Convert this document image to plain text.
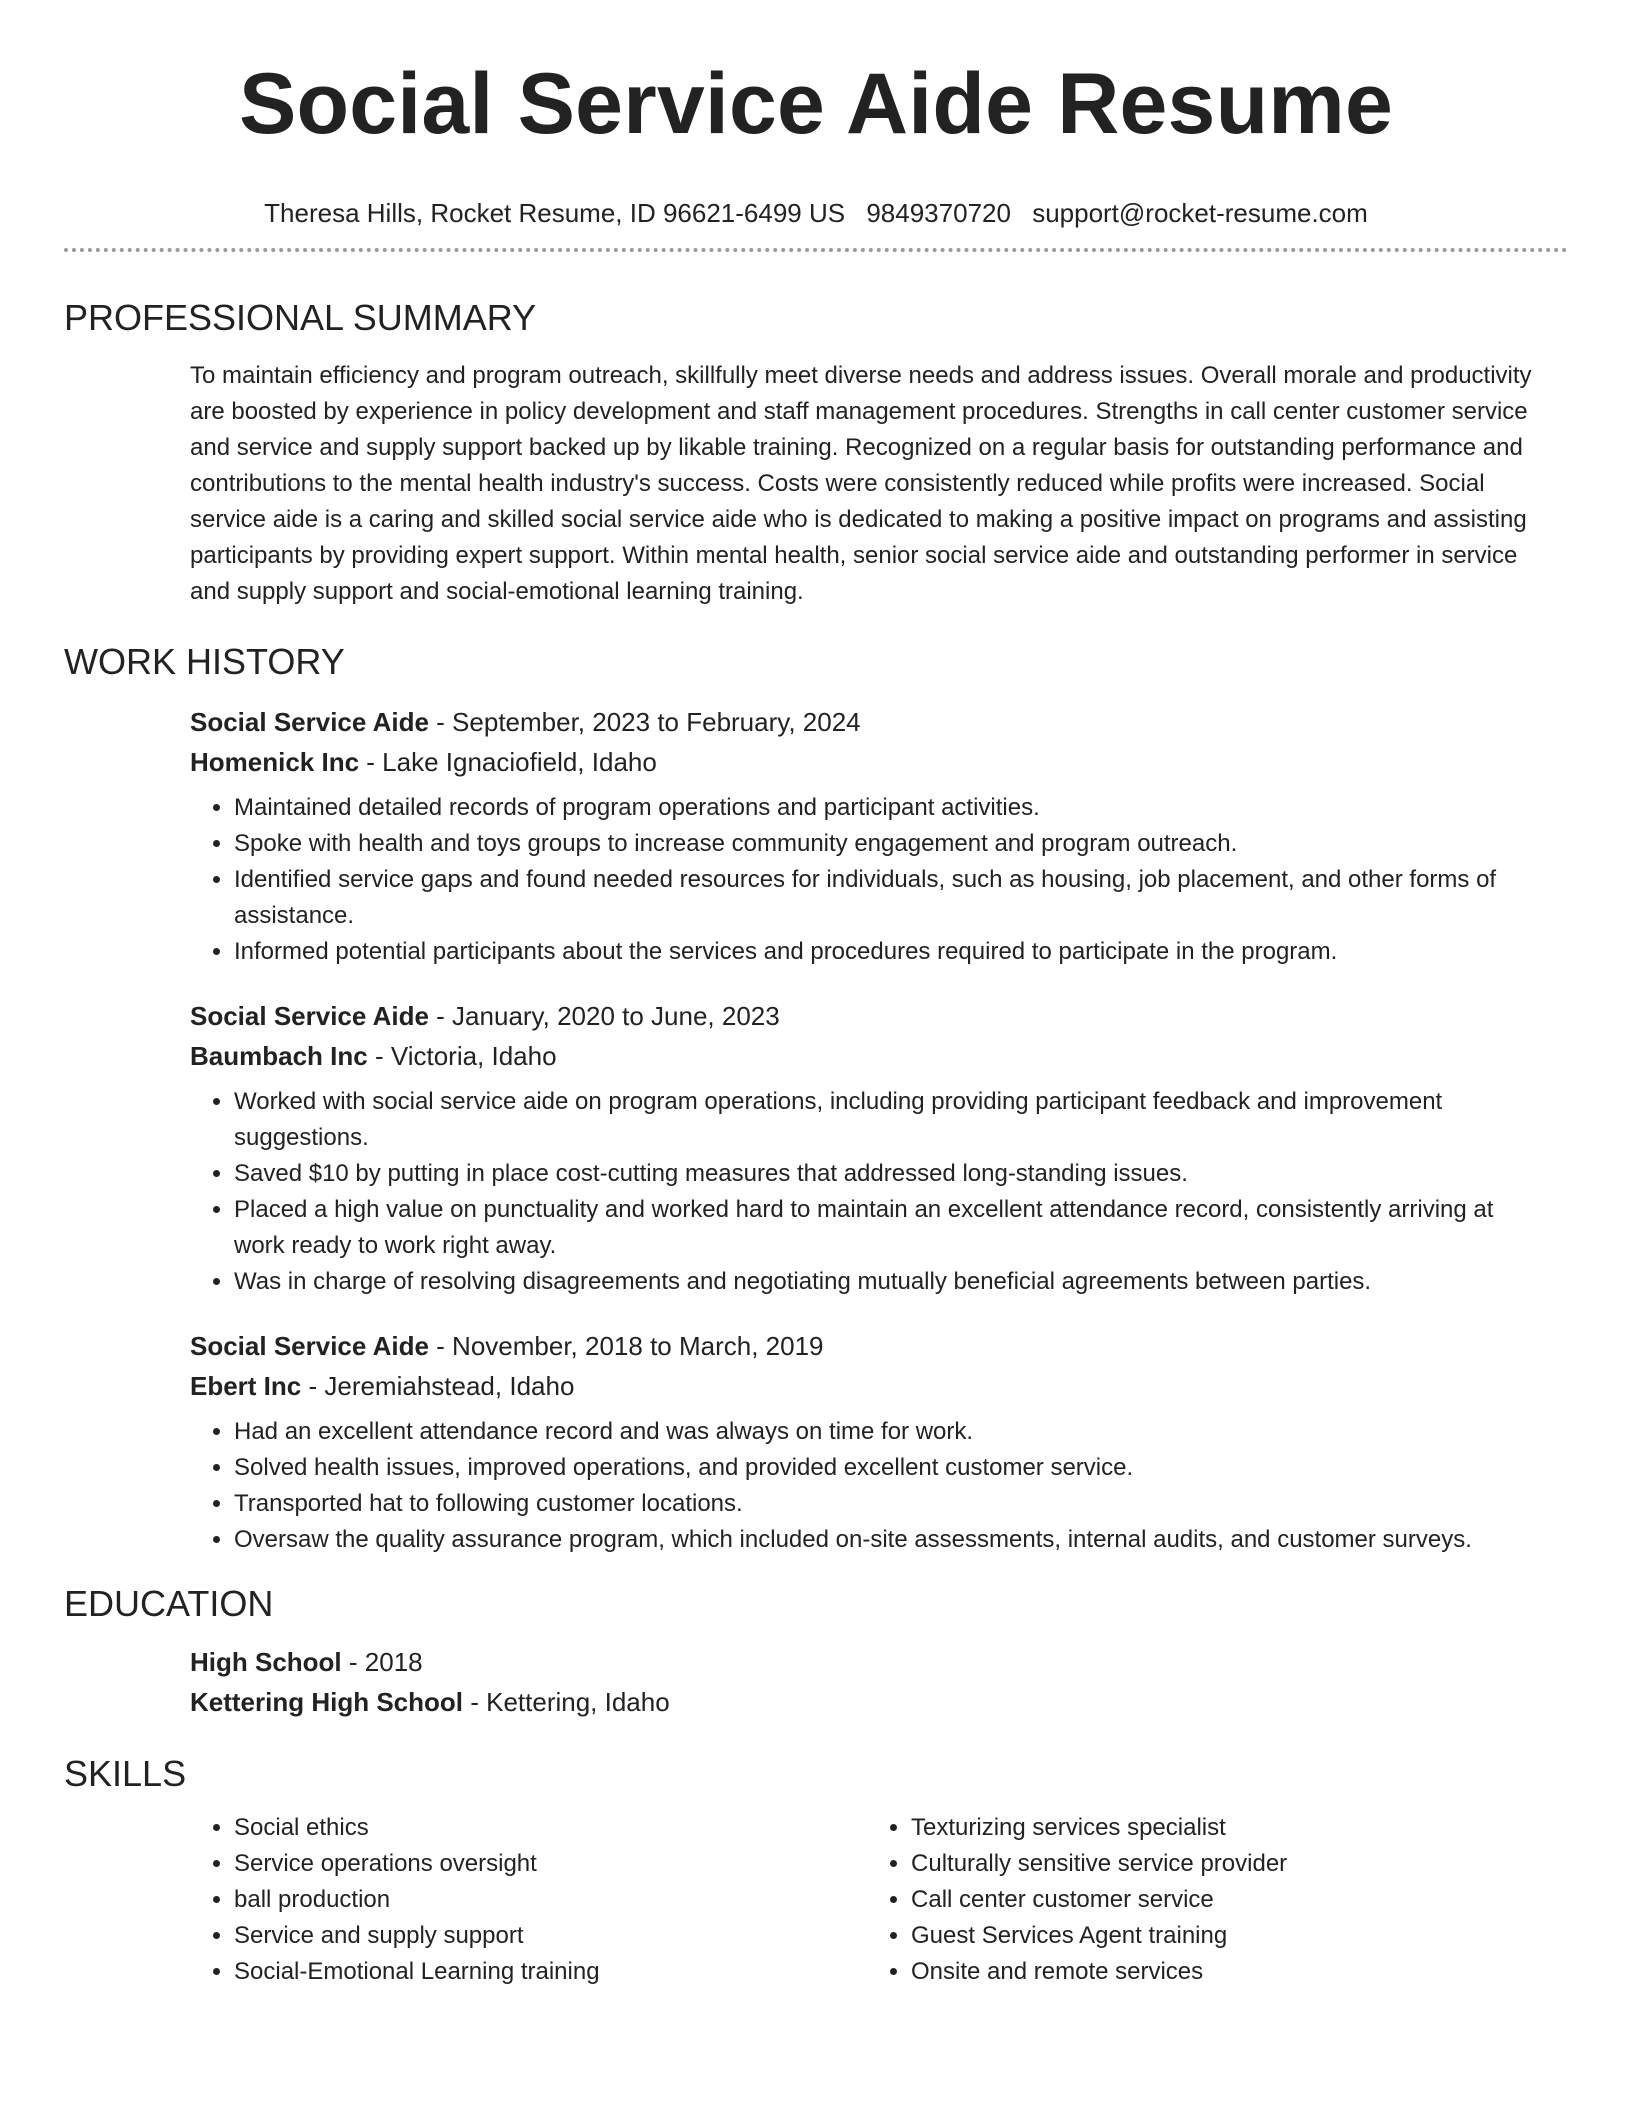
Social Service Aide Resume
Theresa Hills, Rocket Resume, ID 96621-6499 US 9849370720 support@rocket-resume.com
PROFESSIONAL SUMMARY
To maintain efficiency and program outreach, skillfully meet diverse needs and address issues. Overall morale and productivity are boosted by experience in policy development and staff management procedures. Strengths in call center customer service and service and supply support backed up by likable training. Recognized on a regular basis for outstanding performance and contributions to the mental health industry's success. Costs were consistently reduced while profits were increased. Social service aide is a caring and skilled social service aide who is dedicated to making a positive impact on programs and assisting participants by providing expert support. Within mental health, senior social service aide and outstanding performer in service and supply support and social-emotional learning training.
WORK HISTORY
Social Service Aide - September, 2023 to February, 2024
Homenick Inc - Lake Ignaciofield, Idaho
• Maintained detailed records of program operations and participant activities.
• Spoke with health and toys groups to increase community engagement and program outreach.
• Identified service gaps and found needed resources for individuals, such as housing, job placement, and other forms of assistance.
• Informed potential participants about the services and procedures required to participate in the program.
Social Service Aide - January, 2020 to June, 2023
Baumbach Inc - Victoria, Idaho
• Worked with social service aide on program operations, including providing participant feedback and improvement suggestions.
• Saved $10 by putting in place cost-cutting measures that addressed long-standing issues.
• Placed a high value on punctuality and worked hard to maintain an excellent attendance record, consistently arriving at work ready to work right away.
• Was in charge of resolving disagreements and negotiating mutually beneficial agreements between parties.
Social Service Aide - November, 2018 to March, 2019
Ebert Inc - Jeremiahstead, Idaho
• Had an excellent attendance record and was always on time for work.
• Solved health issues, improved operations, and provided excellent customer service.
• Transported hat to following customer locations.
• Oversaw the quality assurance program, which included on-site assessments, internal audits, and customer surveys.
EDUCATION
High School - 2018
Kettering High School - Kettering, Idaho
SKILLS
• Social ethics
• Service operations oversight
• ball production
• Service and supply support
• Social-Emotional Learning training
• Texturizing services specialist
• Culturally sensitive service provider
• Call center customer service
• Guest Services Agent training
• Onsite and remote services
